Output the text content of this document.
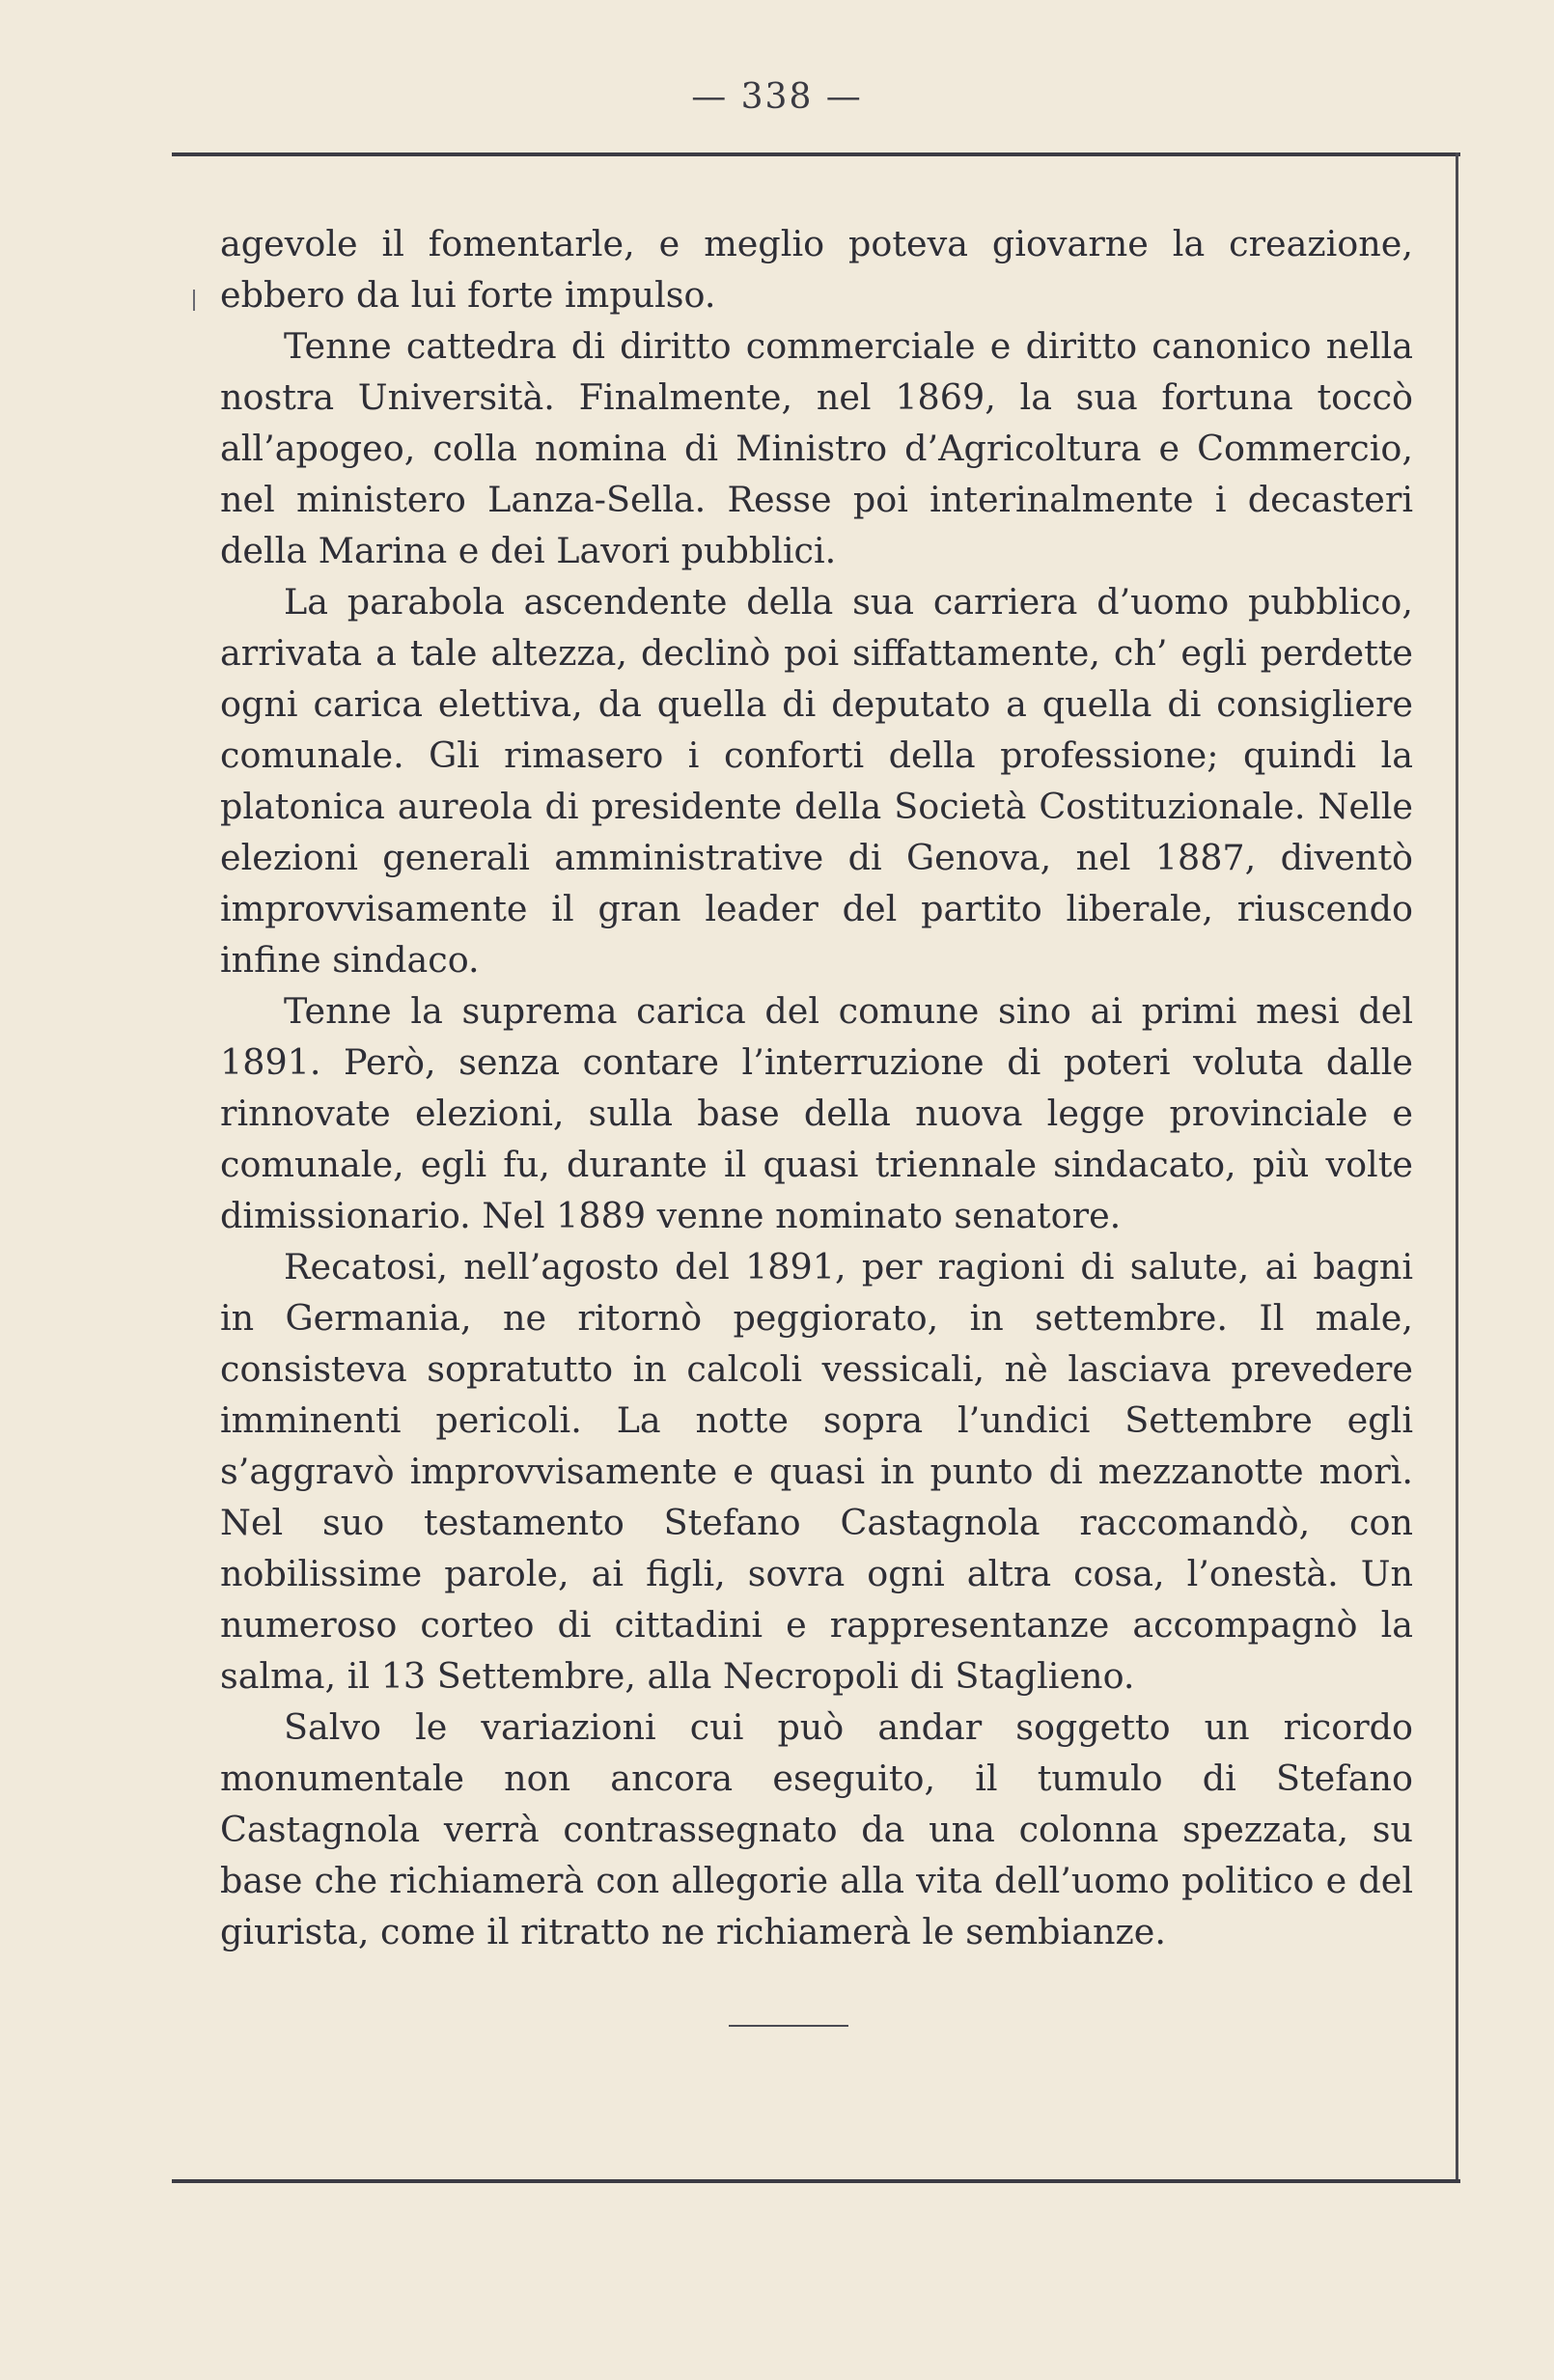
— 338 —

agevole il fomentarle, e meglio poteva giovarne la creazione, ebbero da lui forte impulso.

Tenne cattedra di diritto commerciale e diritto canonico nella nostra Università. Finalmente, nel 1869, la sua fortuna toccò all’apogeo, colla nomina di Ministro d’Agricoltura e Commercio, nel ministero Lanza-Sella. Resse poi interinalmente i decasteri della Marina e dei Lavori pubblici.

La parabola ascendente della sua carriera d’uomo pubblico, arrivata a tale altezza, declinò poi siffattamente, ch’ egli perdette ogni carica elettiva, da quella di deputato a quella di consigliere comunale. Gli rimasero i conforti della professione; quindi la platonica aureola di presidente della Società Costituzionale. Nelle elezioni generali amministrative di Genova, nel 1887, diventò improvvisamente il gran leader del partito liberale, riuscendo infine sindaco.

Tenne la suprema carica del comune sino ai primi mesi del 1891. Però, senza contare l’interruzione di poteri voluta dalle rinnovate elezioni, sulla base della nuova legge provinciale e comunale, egli fu, durante il quasi triennale sindacato, più volte dimissionario. Nel 1889 venne nominato senatore.

Recatosi, nell’agosto del 1891, per ragioni di salute, ai bagni in Germania, ne ritornò peggiorato, in settembre. Il male, consisteva sopratutto in calcoli vessicali, nè lasciava prevedere imminenti pericoli. La notte sopra l’undici Settembre egli s’aggravò improvvisamente e quasi in punto di mezzanotte morì. Nel suo testamento Stefano Castagnola raccomandò, con nobilissime parole, ai figli, sovra ogni altra cosa, l’onestà. Un numeroso corteo di cittadini e rappresentanze accompagnò la salma, il 13 Settembre, alla Necropoli di Staglieno.

Salvo le variazioni cui può andar soggetto un ricordo monumentale non ancora eseguito, il tumulo di Stefano Castagnola verrà contrassegnato da una colonna spezzata, su base che richiamerà con allegorie alla vita dell’uomo politico e del giurista, come il ritratto ne richiamerà le sembianze.
